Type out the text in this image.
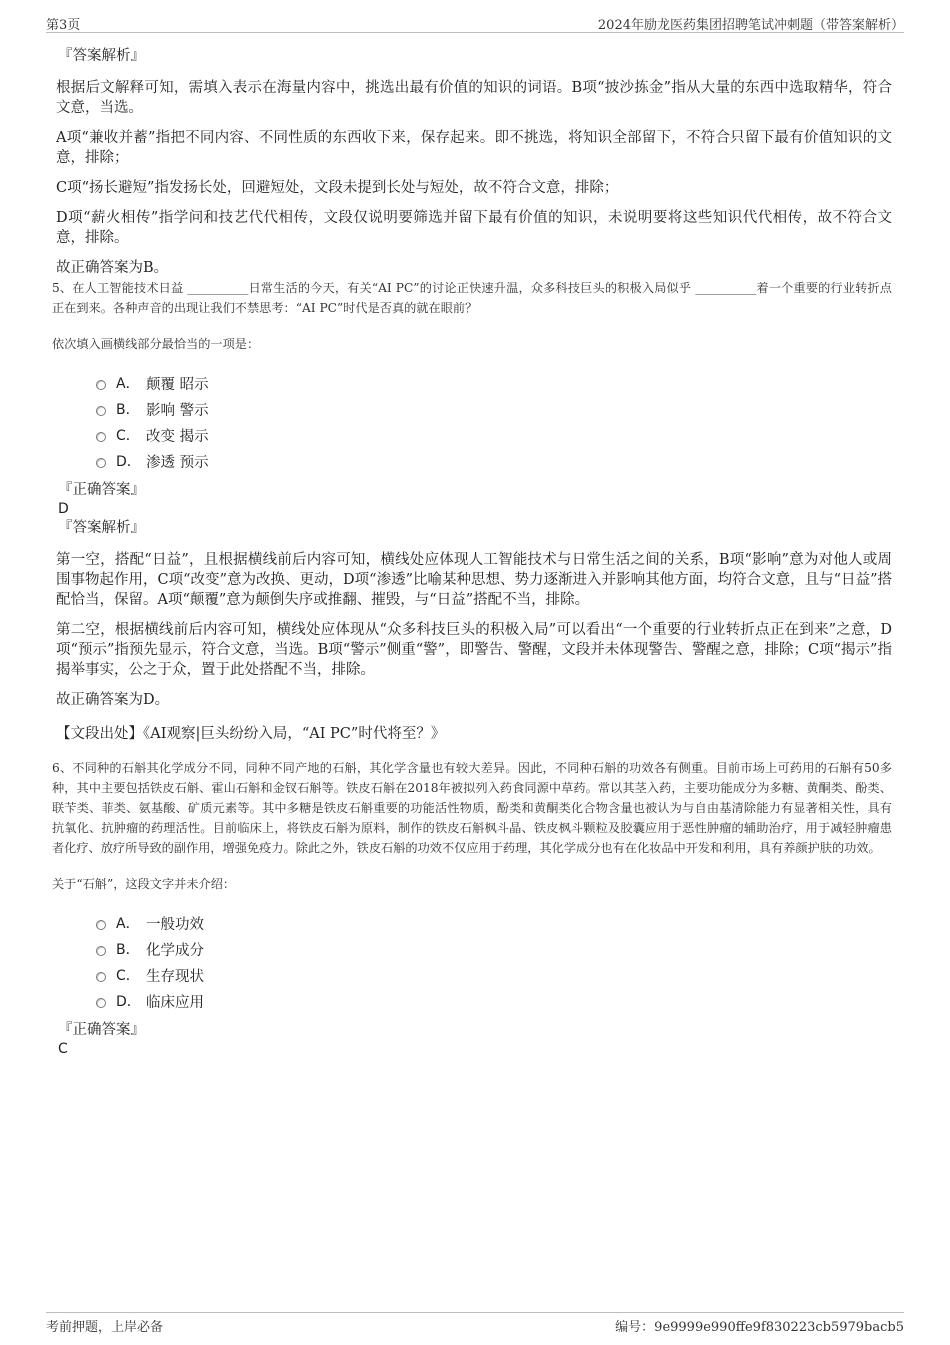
第3页	2024年励龙医药集团招聘笔试冲刺题（带答案解析）

『答案解析』

根据后文解释可知，需填入表示在海量内容中，挑选出最有价值的知识的词语。B项“披沙拣金”指从大量的东西中选取精华，符合文意，当选。

A项“兼收并蓄”指把不同内容、不同性质的东西收下来，保存起来。即不挑选，将知识全部留下，不符合只留下最有价值知识的文意，排除；

C项“扬长避短”指发扬长处，回避短处，文段未提到长处与短处，故不符合文意，排除；

D项“薪火相传”指学问和技艺代代相传，文段仅说明要筛选并留下最有价值的知识，未说明要将这些知识代代相传，故不符合文意，排除。

故正确答案为B。

5、在人工智能技术日益 __________日常生活的今天，有关“AI PC”的讨论正快速升温，众多科技巨头的积极入局似乎 __________着一个重要的行业转折点正在到来。各种声音的出现让我们不禁思考：“AI PC”时代是否真的就在眼前？

依次填入画横线部分最恰当的一项是：

A． 颠覆 昭示
B． 影响 警示
C． 改变 揭示
D． 渗透 预示

『正确答案』

D

『答案解析』

第一空，搭配“日益”，且根据横线前后内容可知，横线处应体现人工智能技术与日常生活之间的关系，B项“影响”意为对他人或周围事物起作用，C项“改变”意为改换、更动，D项“渗透”比喻某种思想、势力逐渐进入并影响其他方面，均符合文意，且与“日益”搭配恰当，保留。A项“颠覆”意为颠倒失序或推翻、摧毁，与“日益”搭配不当，排除。

第二空，根据横线前后内容可知，横线处应体现从“众多科技巨头的积极入局”可以看出“一个重要的行业转折点正在到来”之意，D项“预示”指预先显示，符合文意，当选。B项“警示”侧重“警”，即警告、警醒，文段并未体现警告、警醒之意，排除；C项“揭示”指揭举事实，公之于众，置于此处搭配不当，排除。

故正确答案为D。

【文段出处】《AI观察|巨头纷纷入局，“AI PC”时代将至？》

6、不同种的石斛其化学成分不同，同种不同产地的石斛，其化学含量也有较大差异。因此，不同种石斛的功效各有侧重。目前市场上可药用的石斛有50多种，其中主要包括铁皮石斛、霍山石斛和金钗石斛等。铁皮石斛在2018年被拟列入药食同源中草药。常以其茎入药，主要功能成分为多糖、黄酮类、酚类、联苄类、菲类、氨基酸、矿质元素等。其中多糖是铁皮石斛重要的功能活性物质，酚类和黄酮类化合物含量也被认为与自由基清除能力有显著相关性，具有抗氧化、抗肿瘤的药理活性。目前临床上，将铁皮石斛为原料，制作的铁皮石斛枫斗晶、铁皮枫斗颗粒及胶囊应用于恶性肿瘤的辅助治疗，用于减轻肿瘤患者化疗、放疗所导致的副作用，增强免疫力。除此之外，铁皮石斛的功效不仅应用于药理，其化学成分也有在化妆品中开发和利用，具有养颜护肤的功效。

关于“石斛”，这段文字并未介绍：

A． 一般功效
B． 化学成分
C． 生存现状
D． 临床应用

『正确答案』

C

考前押题，上岸必备	编号：9e9999e990ffe9f830223cb5979bacb5
